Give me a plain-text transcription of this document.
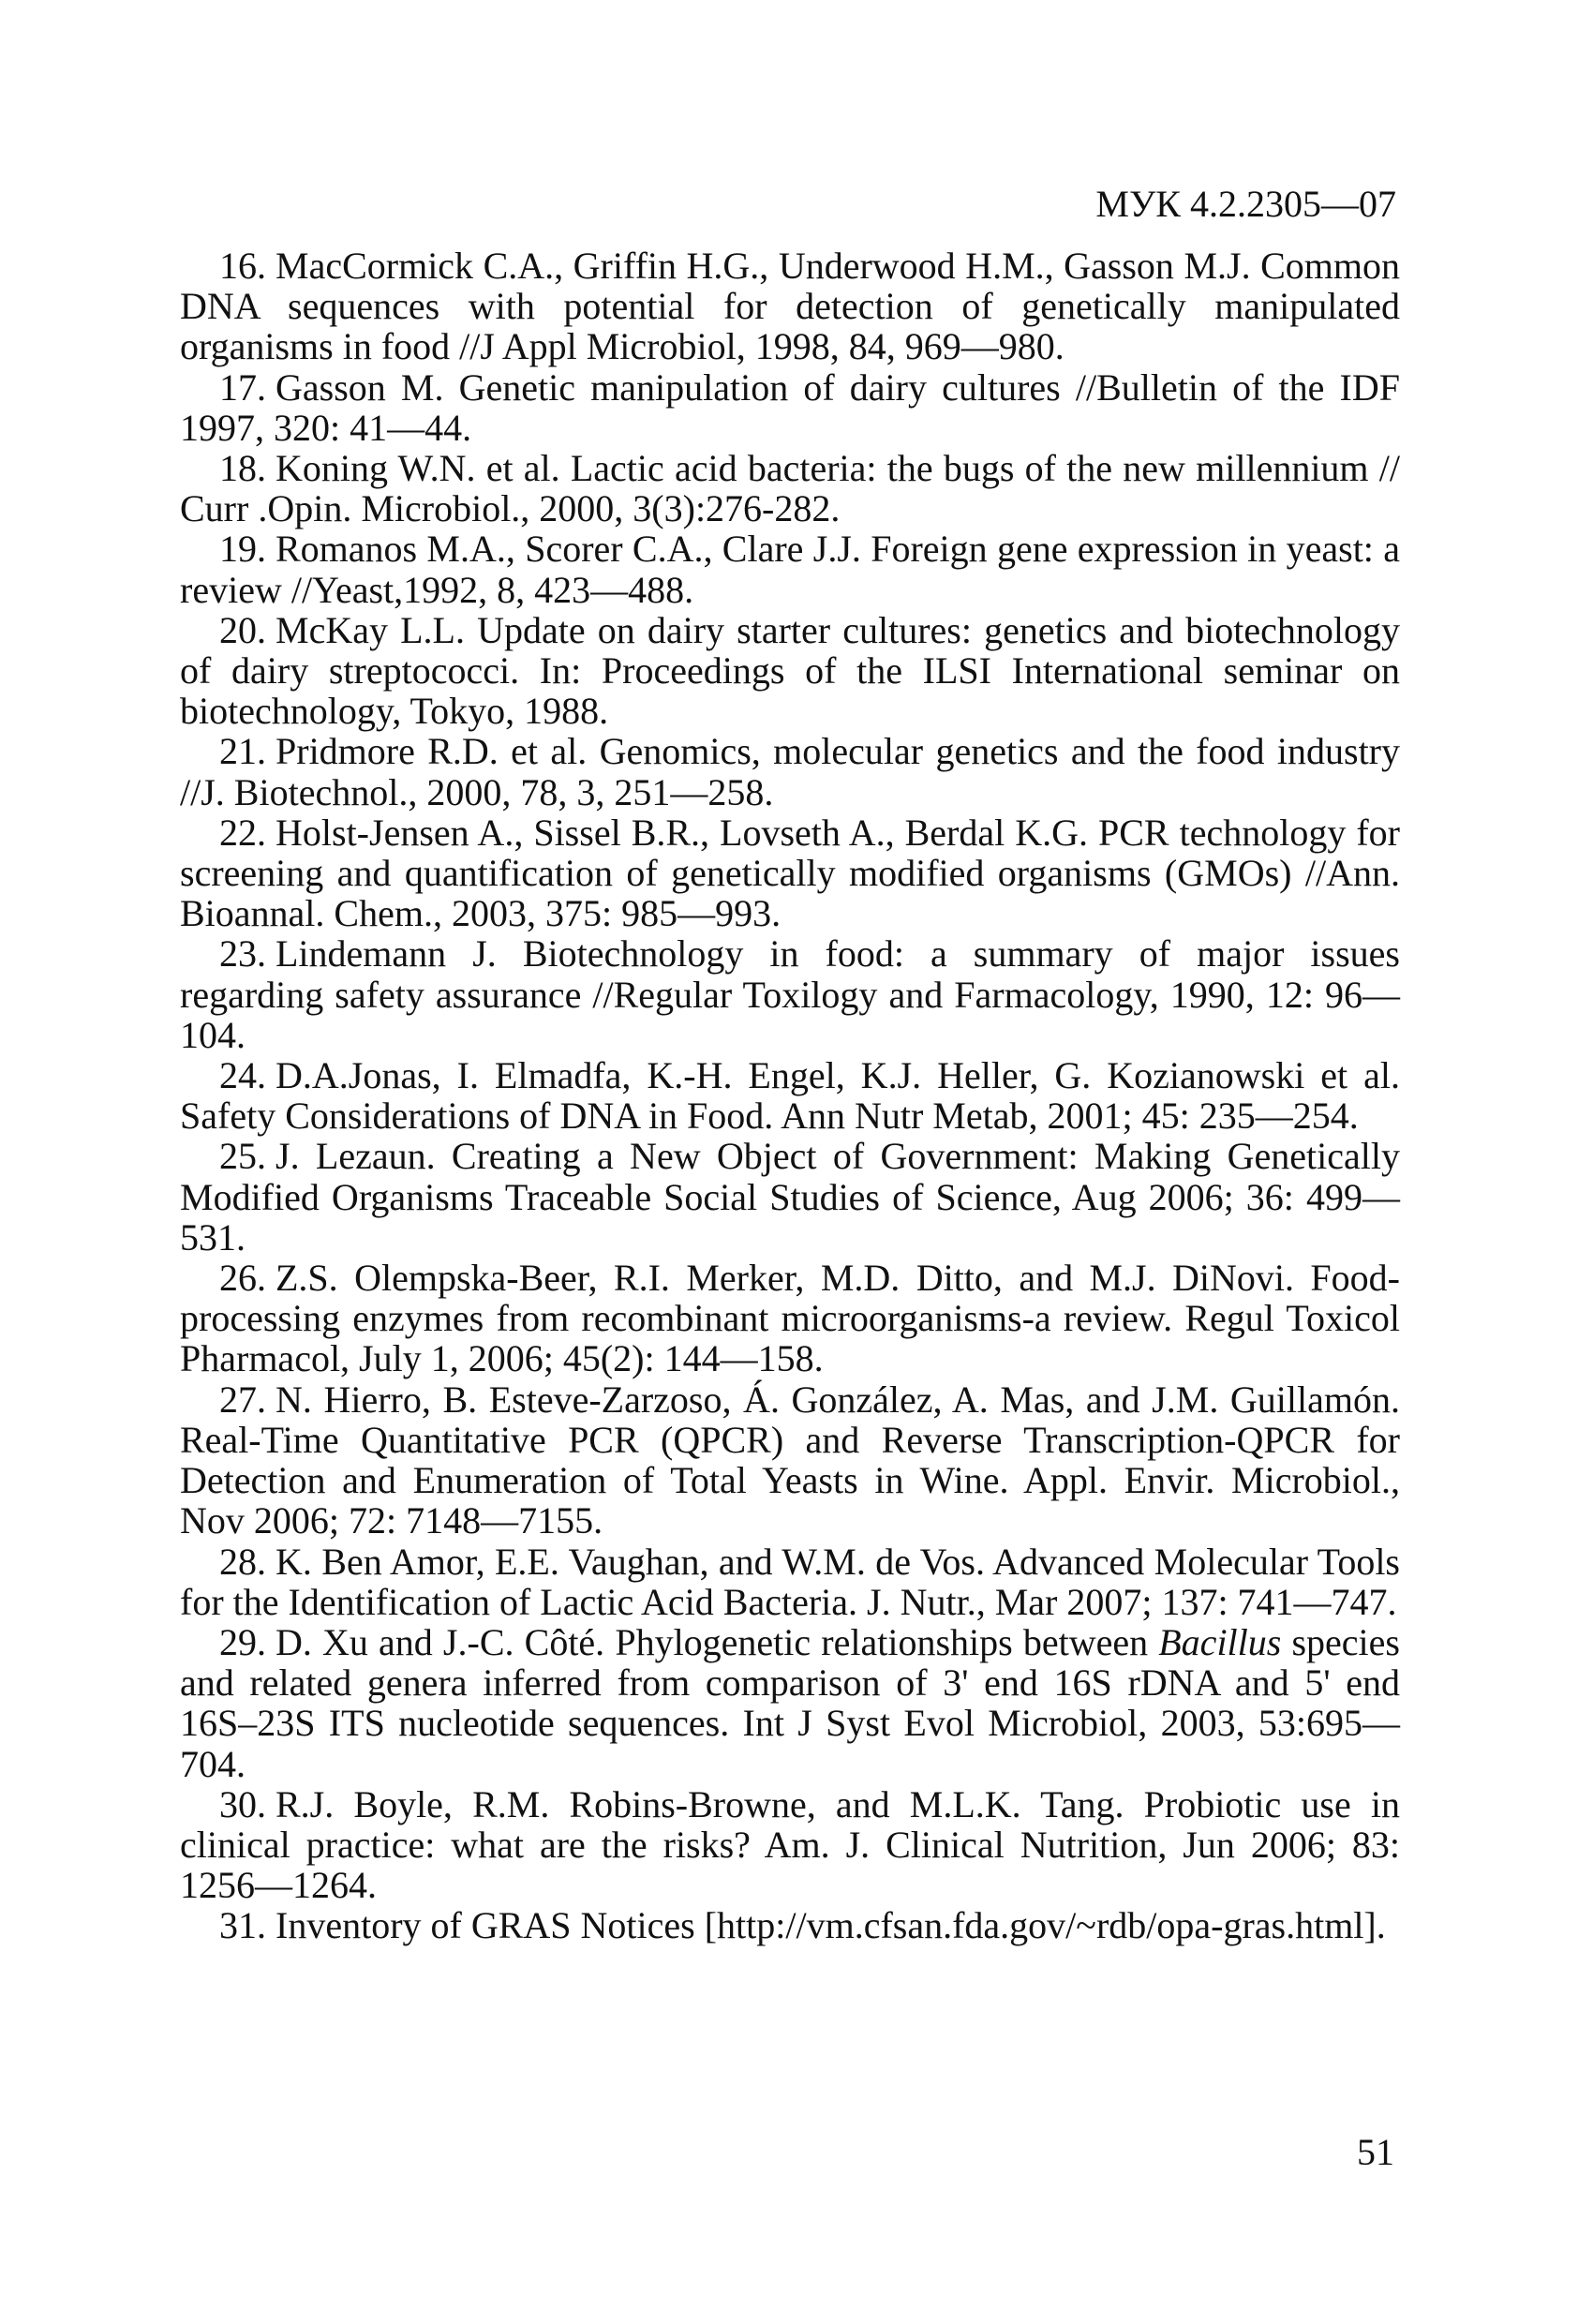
МУК 4.2.2305—07

16. MacCormick C.A., Griffin H.G., Underwood H.M., Gasson M.J. Common DNA sequences with potential for detection of genetically manipulated organisms in food //J Appl Microbiol, 1998, 84, 969—980.

17. Gasson M. Genetic manipulation of dairy cultures //Bulletin of the IDF 1997, 320: 41—44.

18. Koning W.N. et al. Lactic acid bacteria: the bugs of the new millennium // Curr .Opin. Microbiol., 2000, 3(3):276-282.

19. Romanos M.A., Scorer C.A., Clare J.J. Foreign gene expression in yeast: a review //Yeast,1992, 8, 423—488.

20. McKay L.L. Update on dairy starter cultures: genetics and biotechnology of dairy streptococci. In: Proceedings of the ILSI International seminar on biotechnology, Tokyo, 1988.

21. Pridmore R.D. et al. Genomics, molecular genetics and the food industry //J. Biotechnol., 2000, 78, 3, 251—258.

22. Holst-Jensen A., Sissel B.R., Lovseth A., Berdal K.G. PCR technology for screening and quantification of genetically modified organisms (GMOs) //Ann. Bioannal. Chem., 2003, 375: 985—993.

23. Lindemann J. Biotechnology in food: a summary of major issues regarding safety assurance //Regular Toxilogy and Farmacology, 1990, 12: 96—104.

24. D.A.Jonas, I. Elmadfa, K.-H. Engel, K.J. Heller, G. Kozianowski et al. Safety Considerations of DNA in Food. Ann Nutr Metab, 2001; 45: 235—254.

25. J. Lezaun. Creating a New Object of Government: Making Genetically Modified Organisms Traceable Social Studies of Science, Aug 2006; 36: 499—531.

26. Z.S. Olempska-Beer, R.I. Merker, M.D. Ditto, and M.J. DiNovi. Food-processing enzymes from recombinant microorganisms-a review. Regul Toxicol Pharmacol, July 1, 2006; 45(2): 144—158.

27. N. Hierro, B. Esteve-Zarzoso, Á. González, A. Mas, and J.M. Guillamón. Real-Time Quantitative PCR (QPCR) and Reverse Transcription-QPCR for Detection and Enumeration of Total Yeasts in Wine. Appl. Envir. Microbiol., Nov 2006; 72: 7148—7155.

28. K. Ben Amor, E.E. Vaughan, and W.M. de Vos. Advanced Molecular Tools for the Identification of Lactic Acid Bacteria. J. Nutr., Mar 2007; 137: 741—747.

29. D. Xu and J.-C. Côté. Phylogenetic relationships between Bacillus species and related genera inferred from comparison of 3' end 16S rDNA and 5' end 16S–23S ITS nucleotide sequences. Int J Syst Evol Microbiol, 2003, 53:695—704.

30. R.J. Boyle, R.M. Robins-Browne, and M.L.K. Tang. Probiotic use in clinical practice: what are the risks? Am. J. Clinical Nutrition, Jun 2006; 83: 1256—1264.

31. Inventory of GRAS Notices [http://vm.cfsan.fda.gov/~rdb/opa-gras.html].

51
